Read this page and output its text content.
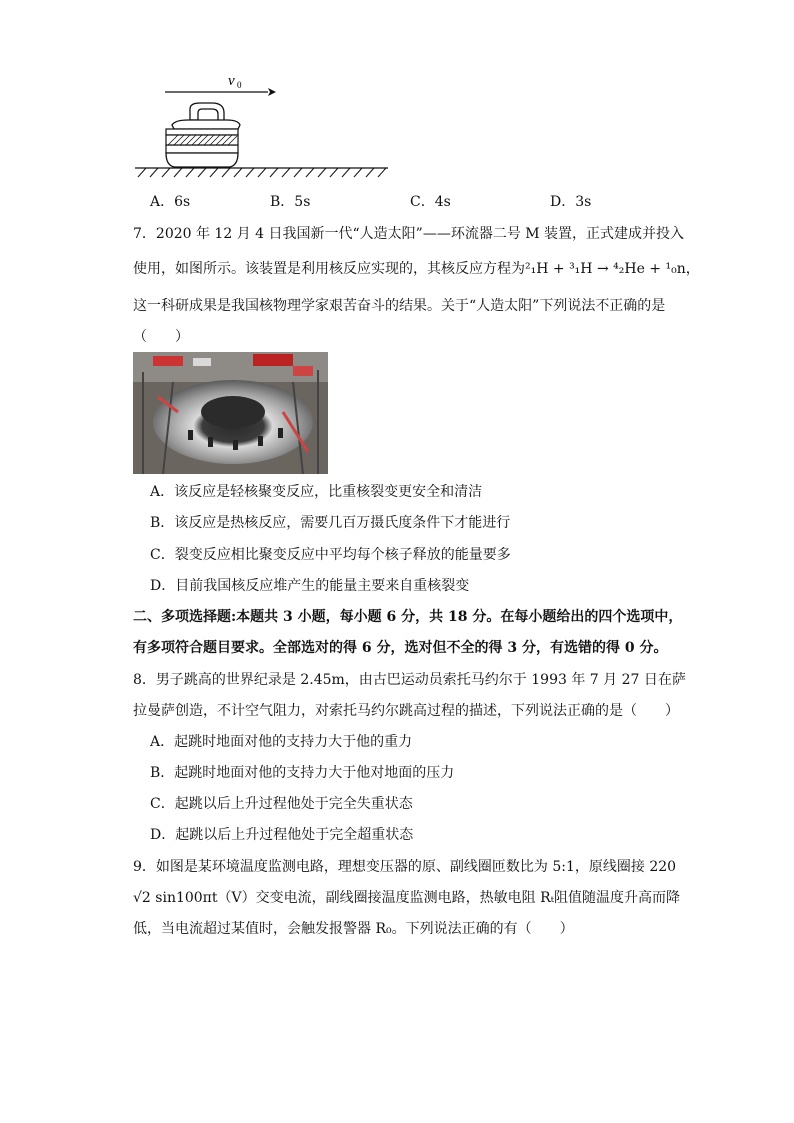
v 0
A．6s	B．5s	C．4s	D．3s
7．2020 年 12 月 4 日我国新一代“人造太阳”——环流器二号 M 装置，正式建成并投入
使用，如图所示。该装置是利用核反应实现的，其核反应方程为²₁H + ³₁H → ⁴₂He + ¹₀n，
这一科研成果是我国核物理学家艰苦奋斗的结果。关于“人造太阳”下列说法不正确的是
（　　）
A．该反应是轻核聚变反应，比重核裂变更安全和清洁
B．该反应是热核反应，需要几百万摄氏度条件下才能进行
C．裂变反应相比聚变反应中平均每个核子释放的能量要多
D．目前我国核反应堆产生的能量主要来自重核裂变
二、多项选择题:本题共 3 小题，每小题 6 分，共 18 分。在每小题给出的四个选项中，
有多项符合题目要求。全部选对的得 6 分，选对但不全的得 3 分，有选错的得 0 分。
8．男子跳高的世界纪录是 2.45m，由古巴运动员索托马约尔于 1993 年 7 月 27 日在萨
拉曼萨创造，不计空气阻力，对索托马约尔跳高过程的描述，下列说法正确的是（　　）
A．起跳时地面对他的支持力大于他的重力
B．起跳时地面对他的支持力大于他对地面的压力
C．起跳以后上升过程他处于完全失重状态
D．起跳以后上升过程他处于完全超重状态
9．如图是某环境温度监测电路，理想变压器的原、副线圈匝数比为 5:1，原线圈接 220
√2 sin100πt（V）交变电流，副线圈接温度监测电路，热敏电阻 Rₜ阻值随温度升高而降
低，当电流超过某值时，会触发报警器 R₀。下列说法正确的有（　　）
